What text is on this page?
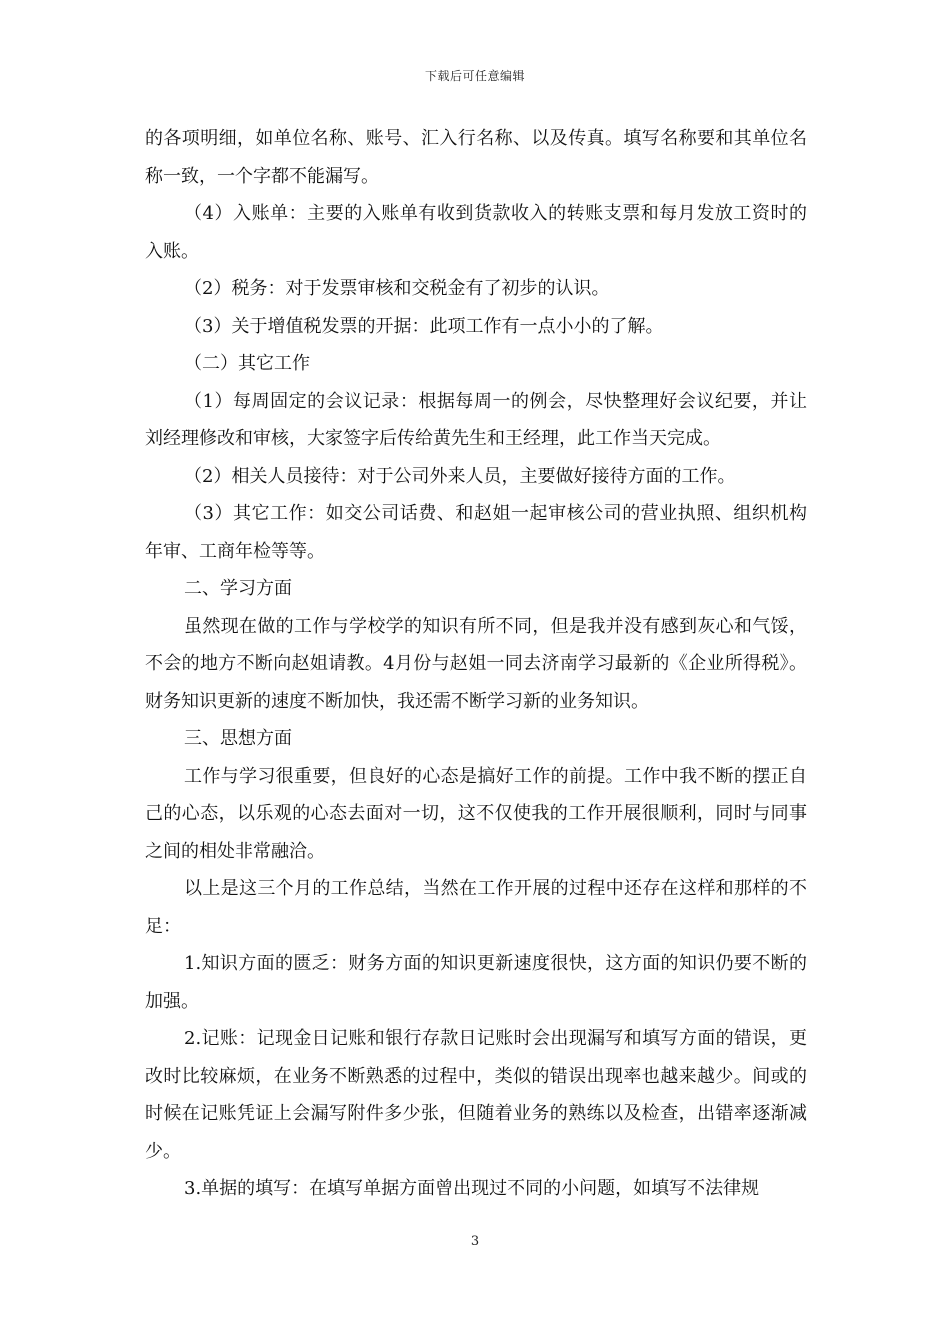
下载后可任意编辑

的各项明细，如单位名称、账号、汇入行名称、以及传真。填写名称要和其单位名称一致，一个字都不能漏写。

（4）入账单：主要的入账单有收到货款收入的转账支票和每月发放工资时的入账。

（2）税务：对于发票审核和交税金有了初步的认识。

（3）关于增值税发票的开据：此项工作有一点小小的了解。

（二）其它工作

（1）每周固定的会议记录：根据每周一的例会，尽快整理好会议纪要，并让刘经理修改和审核，大家签字后传给黄先生和王经理，此工作当天完成。

（2）相关人员接待：对于公司外来人员，主要做好接待方面的工作。

（3）其它工作：如交公司话费、和赵姐一起审核公司的营业执照、组织机构年审、工商年检等等。

二、学习方面

虽然现在做的工作与学校学的知识有所不同，但是我并没有感到灰心和气馁，不会的地方不断向赵姐请教。4月份与赵姐一同去济南学习最新的《企业所得税》。财务知识更新的速度不断加快，我还需不断学习新的业务知识。

三、思想方面

工作与学习很重要，但良好的心态是搞好工作的前提。工作中我不断的摆正自己的心态，以乐观的心态去面对一切，这不仅使我的工作开展很顺利，同时与同事之间的相处非常融洽。

以上是这三个月的工作总结，当然在工作开展的过程中还存在这样和那样的不足：

1.知识方面的匮乏：财务方面的知识更新速度很快，这方面的知识仍要不断的加强。

2.记账：记现金日记账和银行存款日记账时会出现漏写和填写方面的错误，更改时比较麻烦，在业务不断熟悉的过程中，类似的错误出现率也越来越少。间或的时候在记账凭证上会漏写附件多少张，但随着业务的熟练以及检查，出错率逐渐减少。

3.单据的填写：在填写单据方面曾出现过不同的小问题，如填写不法律规

3
